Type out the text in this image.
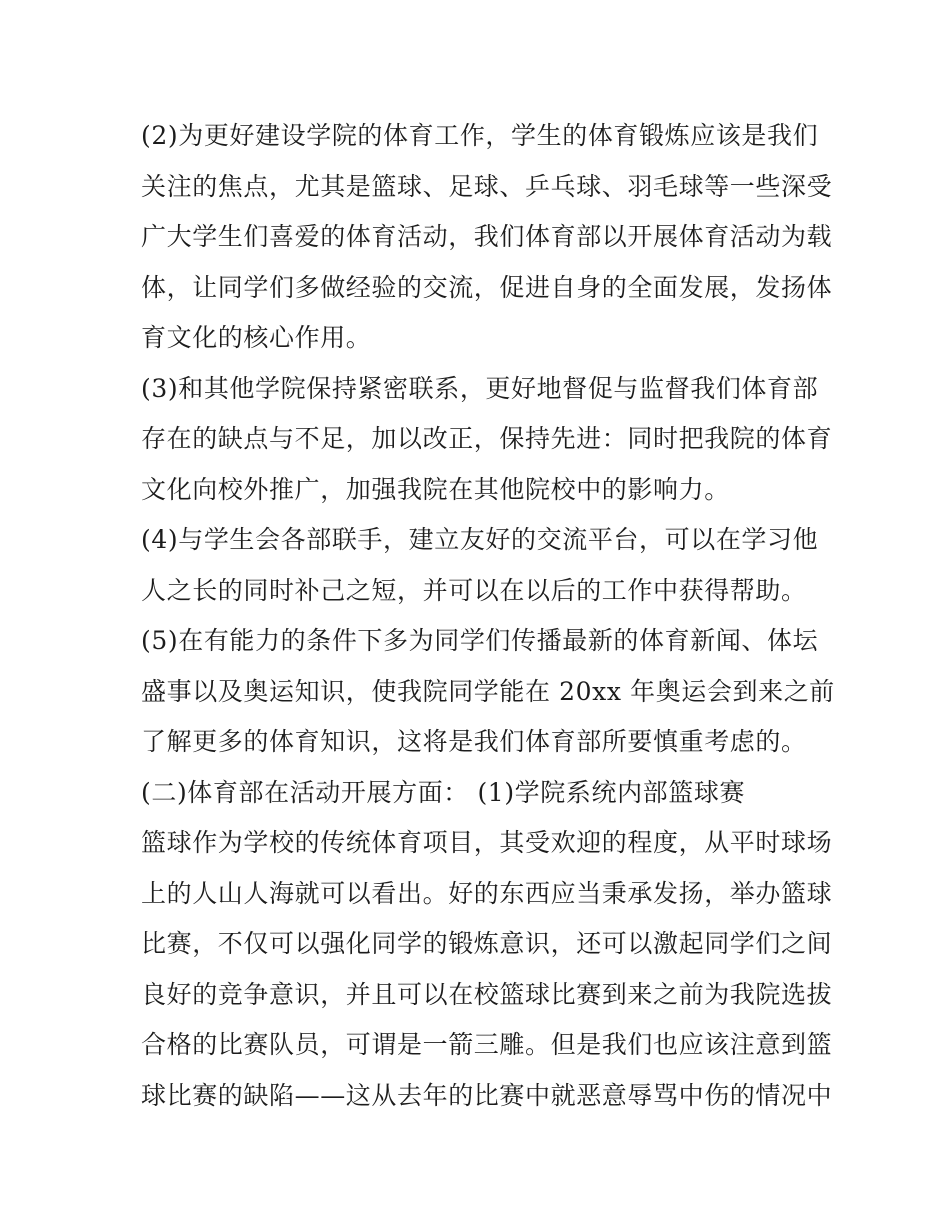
(2)为更好建设学院的体育工作，学生的体育锻炼应该是我们
关注的焦点，尤其是篮球、足球、乒乓球、羽毛球等一些深受
广大学生们喜爱的体育活动，我们体育部以开展体育活动为载
体，让同学们多做经验的交流，促进自身的全面发展，发扬体
育文化的核心作用。
(3)和其他学院保持紧密联系，更好地督促与监督我们体育部
存在的缺点与不足，加以改正，保持先进：同时把我院的体育
文化向校外推广，加强我院在其他院校中的影响力。
(4)与学生会各部联手，建立友好的交流平台，可以在学习他
人之长的同时补己之短，并可以在以后的工作中获得帮助。
(5)在有能力的条件下多为同学们传播最新的体育新闻、体坛
盛事以及奥运知识，使我院同学能在 20xx 年奥运会到来之前
了解更多的体育知识，这将是我们体育部所要慎重考虑的。
(二)体育部在活动开展方面： (1)学院系统内部篮球赛
篮球作为学校的传统体育项目，其受欢迎的程度，从平时球场
上的人山人海就可以看出。好的东西应当秉承发扬，举办篮球
比赛，不仅可以强化同学的锻炼意识，还可以激起同学们之间
良好的竞争意识，并且可以在校篮球比赛到来之前为我院选拔
合格的比赛队员，可谓是一箭三雕。但是我们也应该注意到篮
球比赛的缺陷——这从去年的比赛中就恶意辱骂中伤的情况中
